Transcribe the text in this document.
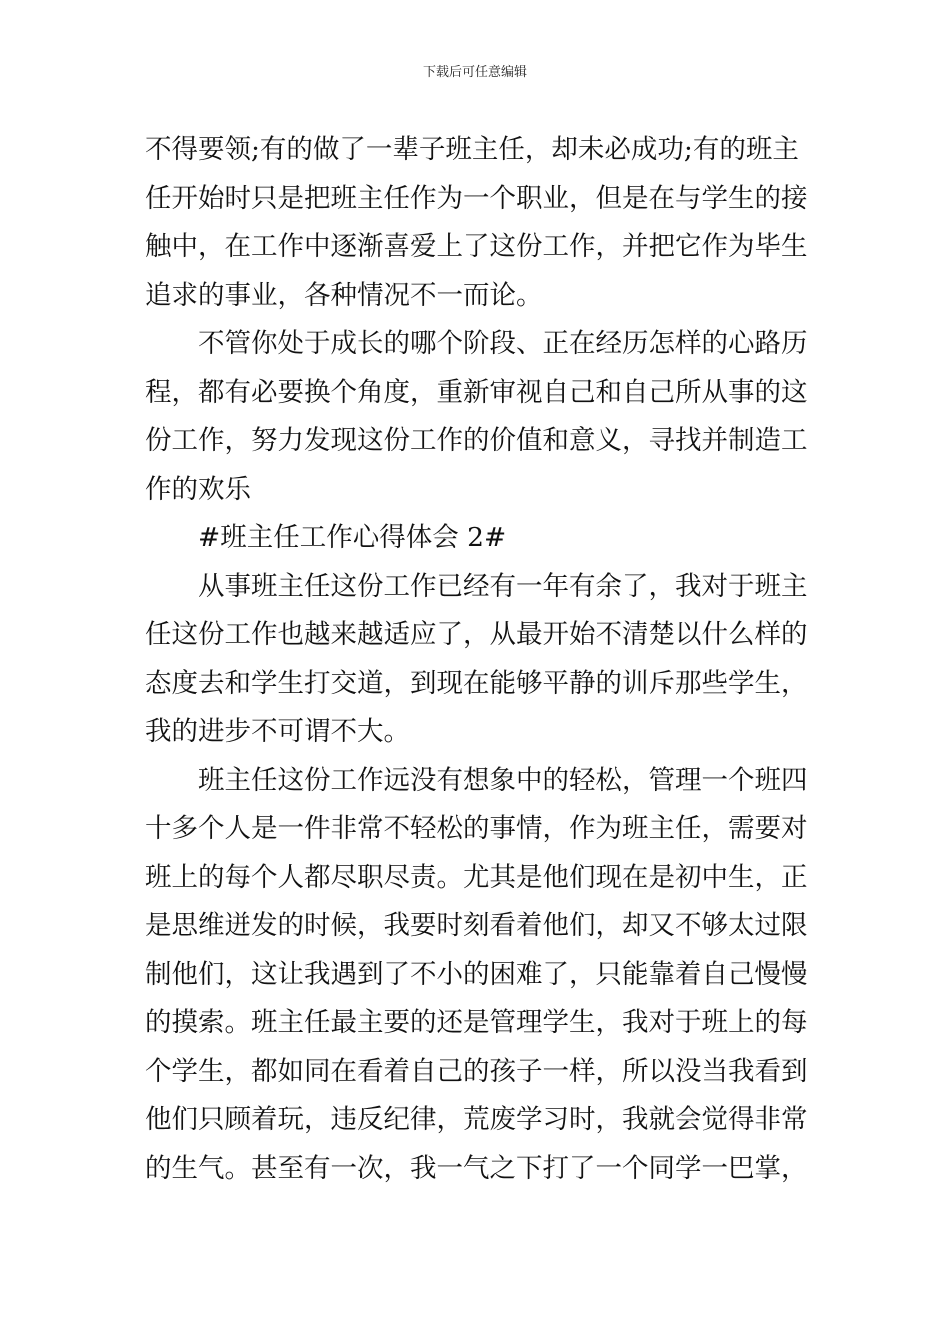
下载后可任意编辑
不得要领;有的做了一辈子班主任，却未必成功;有的班主
任开始时只是把班主任作为一个职业，但是在与学生的接
触中，在工作中逐渐喜爱上了这份工作，并把它作为毕生
追求的事业，各种情况不一而论。
不管你处于成长的哪个阶段、正在经历怎样的心路历
程，都有必要换个角度，重新审视自己和自己所从事的这
份工作，努力发现这份工作的价值和意义，寻找并制造工
作的欢乐
#班主任工作心得体会 2#
从事班主任这份工作已经有一年有余了，我对于班主
任这份工作也越来越适应了，从最开始不清楚以什么样的
态度去和学生打交道，到现在能够平静的训斥那些学生，
我的进步不可谓不大。
班主任这份工作远没有想象中的轻松，管理一个班四
十多个人是一件非常不轻松的事情，作为班主任，需要对
班上的每个人都尽职尽责。尤其是他们现在是初中生，正
是思维迸发的时候，我要时刻看着他们，却又不够太过限
制他们，这让我遇到了不小的困难了，只能靠着自己慢慢
的摸索。班主任最主要的还是管理学生，我对于班上的每
个学生，都如同在看着自己的孩子一样，所以没当我看到
他们只顾着玩，违反纪律，荒废学习时，我就会觉得非常
的生气。甚至有一次，我一气之下打了一个同学一巴掌，
